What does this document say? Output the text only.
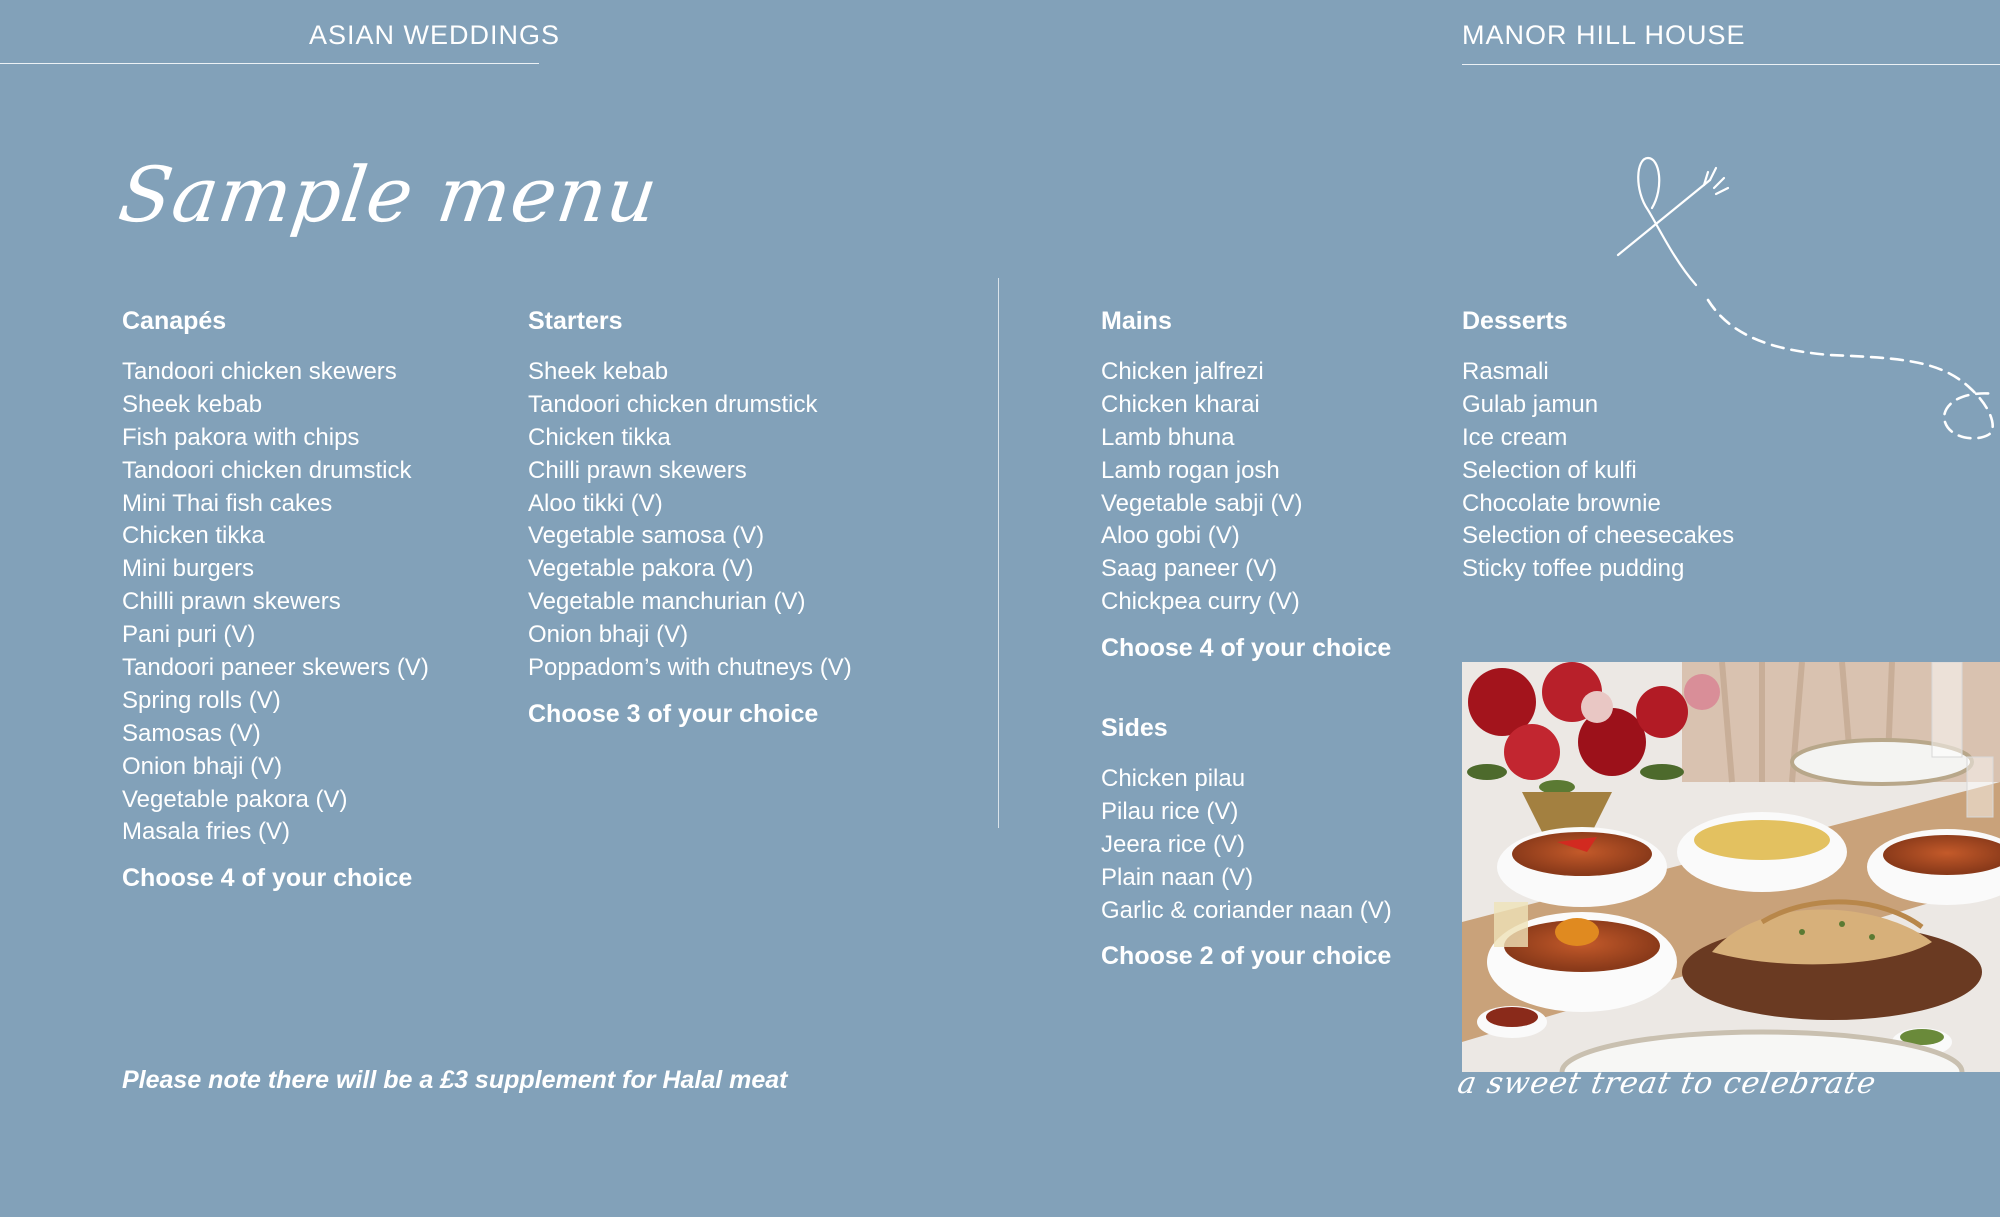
ASIAN WEDDINGS	MANOR HILL HOUSE
Sample menu
Canapés
Tandoori chicken skewers
Sheek kebab
Fish pakora with chips
Tandoori chicken drumstick
Mini Thai fish cakes
Chicken tikka
Mini burgers
Chilli prawn skewers
Pani puri (V)
Tandoori paneer skewers (V)
Spring rolls (V)
Samosas (V)
Onion bhaji (V)
Vegetable pakora (V)
Masala fries (V)
Choose 4 of your choice
Starters
Sheek kebab
Tandoori chicken drumstick
Chicken tikka
Chilli prawn skewers
Aloo tikki (V)
Vegetable samosa (V)
Vegetable pakora (V)
Vegetable manchurian (V)
Onion bhaji (V)
Poppadom’s with chutneys (V)
Choose 3 of your choice
Mains
Chicken jalfrezi
Chicken kharai
Lamb bhuna
Lamb rogan josh
Vegetable sabji (V)
Aloo gobi (V)
Saag paneer (V)
Chickpea curry (V)
Choose 4 of your choice
Sides
Chicken pilau
Pilau rice (V)
Jeera rice (V)
Plain naan (V)
Garlic & coriander naan (V)
Choose 2 of your choice
Desserts
Rasmali
Gulab jamun
Ice cream
Selection of kulfi
Chocolate brownie
Selection of cheesecakes
Sticky toffee pudding
Please note there will be a £3 supplement for Halal meat	a sweet treat to celebrate
